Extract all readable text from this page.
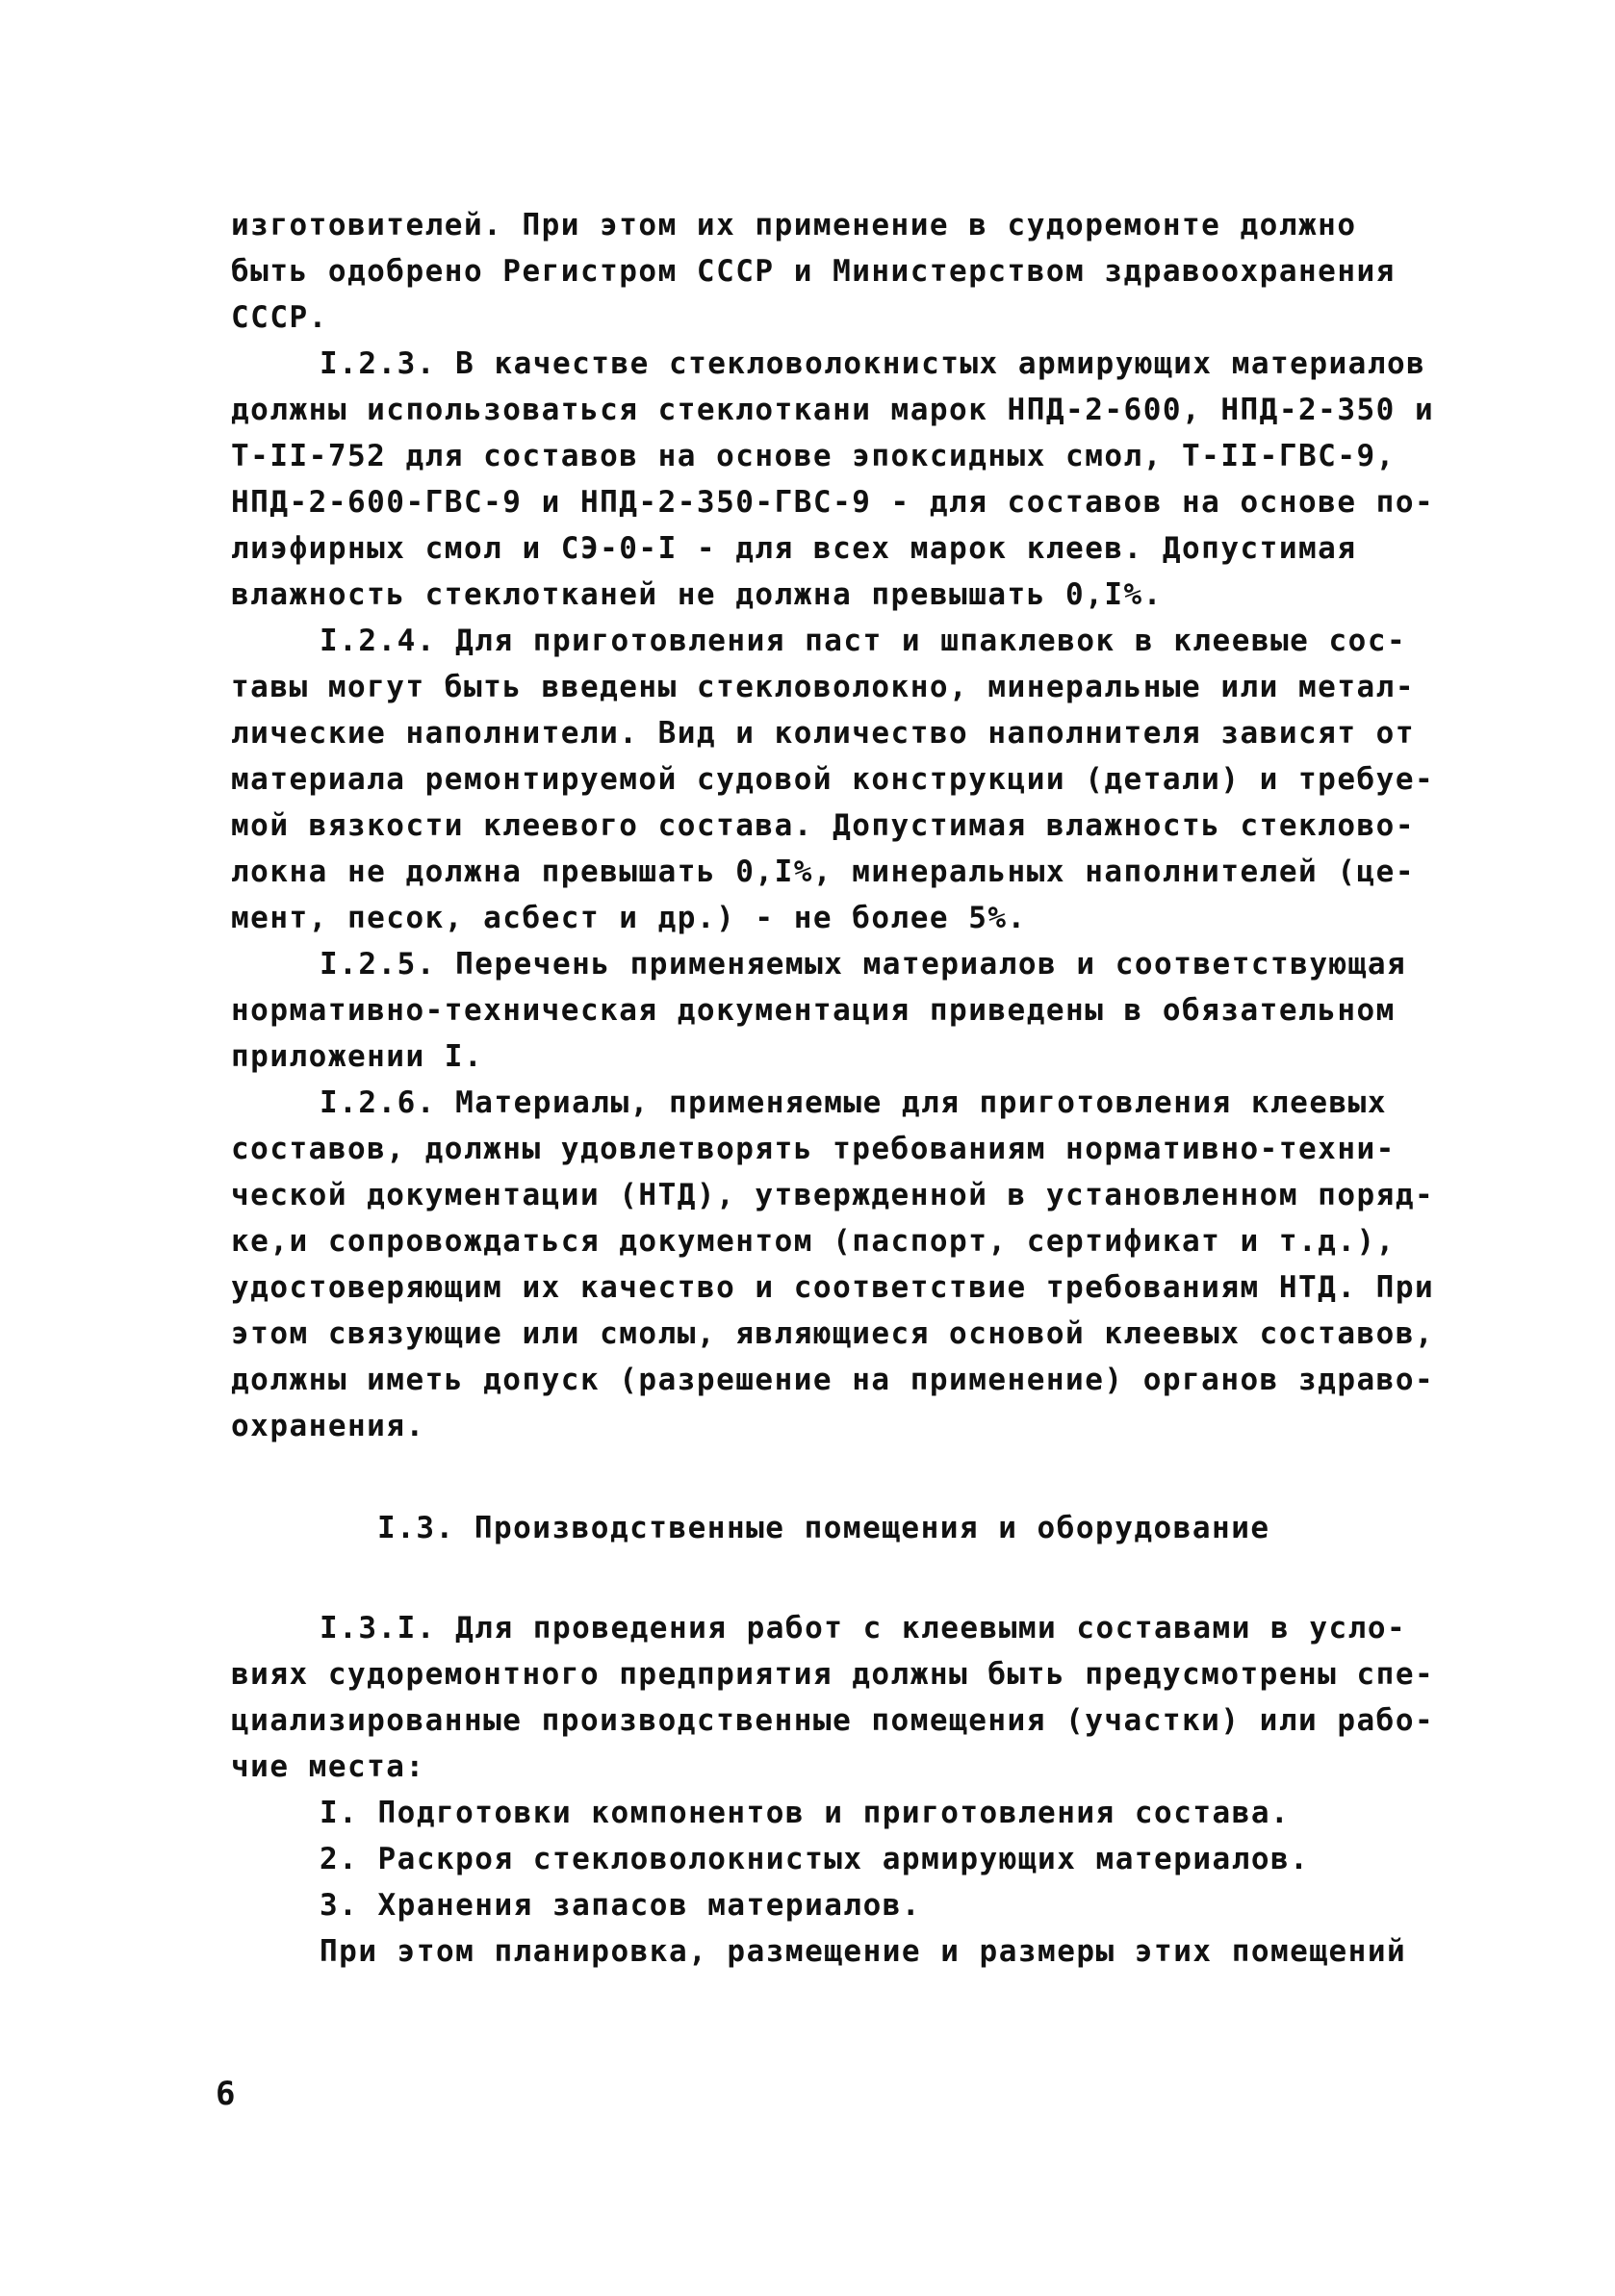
изготовителей. При этом их применение в судоремонте должно
быть одобрено Регистром СССР и Министерством здравоохранения
СССР.
I.2.3. В качестве стекловолокнистых армирующих материалов
должны использоваться стеклоткани марок НПД-2-600, НПД-2-350 и
Т-II-752 для составов на основе эпоксидных смол, Т-II-ГВС-9,
НПД-2-600-ГВС-9 и НПД-2-350-ГВС-9 - для составов на основе по-
лиэфирных смол и СЭ-0-I - для всех марок клеев. Допустимая
влажность стеклотканей не должна превышать 0,I%.
I.2.4. Для приготовления паст и шпаклевок в клеевые сос-
тавы могут быть введены стекловолокно, минеральные или метал-
лические наполнители. Вид и количество наполнителя зависят от
материала ремонтируемой судовой конструкции (детали) и требуе-
мой вязкости клеевого состава. Допустимая влажность стеклово-
локна не должна превышать 0,I%, минеральных наполнителей (це-
мент, песок, асбест и др.) - не более 5%.
I.2.5. Перечень применяемых материалов и соответствующая
нормативно-техническая документация приведены в обязательном
приложении I.
I.2.6. Материалы, применяемые для приготовления клеевых
составов, должны удовлетворять требованиям нормативно-техни-
ческой документации (НТД), утвержденной в установленном поряд-
ке,и сопровождаться документом (паспорт, сертификат и т.д.),
удостоверяющим их качество и соответствие требованиям НТД. При
этом связующие или смолы, являющиеся основой клеевых составов,
должны иметь допуск (разрешение на применение) органов здраво-
охранения.
I.3. Производственные помещения и оборудование
I.3.I. Для проведения работ с клеевыми составами в усло-
виях судоремонтного предприятия должны быть предусмотрены спе-
циализированные производственные помещения (участки) или рабо-
чие места:
I. Подготовки компонентов и приготовления состава.
2. Раскроя стекловолокнистых армирующих материалов.
3. Хранения запасов материалов.
При этом планировка, размещение и размеры этих помещений
6
